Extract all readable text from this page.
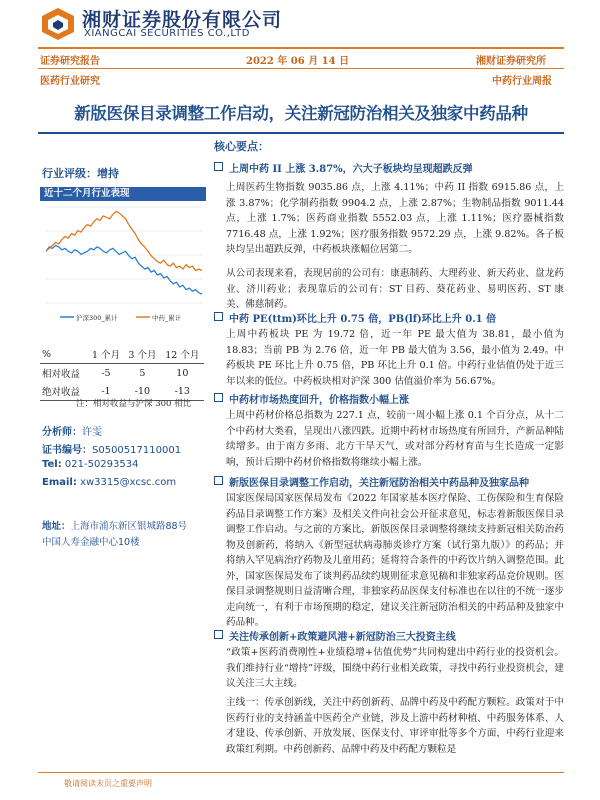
湘财证券股份有限公司
XIANGCAI SECURITIES CO.,LTD
证券研究报告	2022 年 06 月 14 日	湘财证券研究所
医药行业研究	中药行业周报
新版医保目录调整工作启动，关注新冠防治相关及独家中药品种
行业评级：增持
近十二个月行业表现
沪深300_累计	中药_累计
%	1 个月	3 个月	12 个月
相对收益	-5	5	10
绝对收益	-1	-10	-13
注：相对收益与沪深 300 相比
分析师：许雯
证书编号：S0500517110001
Tel: 021-50293534
Email: xw3315@xcsc.com
地址：上海市浦东新区银城路88号
中国人寿金融中心10楼
核心要点：
上周中药 II 上涨 3.87%，六大子板块均呈现超跌反弹
上周医药生物指数 9035.86 点，上涨 4.11%；中药 II 指数 6915.86 点，上涨 3.87%；化学制药指数 9904.2 点，上涨 2.87%；生物制品指数 9011.44 点，上涨 1.7%；医药商业指数 5552.03 点，上涨 1.11%；医疗器械指数 7716.48 点，上涨 1.92%；医疗服务指数 9572.29 点，上涨 9.82%。各子板块均呈出超跌反弹，中药板块涨幅位居第二。
从公司表现来看，表现居前的公司有：康惠制药、大理药业、新天药业、盘龙药业、济川药业；表现靠后的公司有：ST 目药、葵花药业、易明医药、ST 康美、佛慈制药。
中药 PE(ttm)环比上升 0.75 倍，PB(lf)环比上升 0.1 倍
上周中药板块 PE 为 19.72 倍，近一年 PE 最大值为 38.81，最小值为 18.83；当前 PB 为 2.76 倍，近一年 PB 最大值为 3.56，最小值为 2.49。中药板块 PE 环比上升 0.75 倍，PB 环比上升 0.1 倍。中药行业估值仍处于近三年以来的低位。中药板块相对沪深 300 估值溢价率为 56.67%。
中药材市场热度回升，价格指数小幅上涨
上周中药材价格总指数为 227.1 点，较前一周小幅上涨 0.1 个百分点，从十二个中药材大类看，呈现出八涨四跌。近期中药材市场热度有所回升，产新品种陆续增多。由于南方多雨、北方干旱天气，或对部分药材育苗与生长造成一定影响，预计后期中药材价格指数将继续小幅上涨。
新版医保目录调整工作启动，关注新冠防治相关中药品种及独家品种
国家医保局国家医保局发布《2022 年国家基本医疗保险、工伤保险和生育保险药品目录调整工作方案》及相关文件向社会公开征求意见，标志着新版医保目录调整工作启动。与之前的方案比，新版医保目录调整将继续支持新冠相关防治药物及创新药，将纳入《新型冠状病毒肺炎诊疗方案（试行第九版）》的药品；并将纳入罕见病治疗药物及儿童用药；延将符合条件的中药饮片纳入调整范围。此外，国家医保局发布了谈判药品续约规则征求意见稿和非独家药品竞价规则。医保目录调整规则日益清晰合理，非独家药品医保支付标准也在以往的不统一逐步走向统一，有利于市场预期的稳定，建议关注新冠防治相关的中药品种及独家中药品种。
关注传承创新+政策避风港+新冠防治三大投资主线
“政策+医药消费刚性+业绩稳增+估值优势”共同构建出中药行业的投资机会。我们维持行业“增持”评级，围绕中药行业相关政策，寻找中药行业投资机会，建议关注三大主线。
主线一：传承创新线，关注中药创新药、品牌中药及中药配方颗粒。政策对于中医药行业的支持涵盖中医药全产业链，涉及上游中药材种植、中药服务体系、人才建设、传承创新、开放发展、医保支付、审评审批等多个方面，中药行业迎来政策红利期。中药创新药、品牌中药及中药配方颗粒是
敬请阅读末页之重要声明
